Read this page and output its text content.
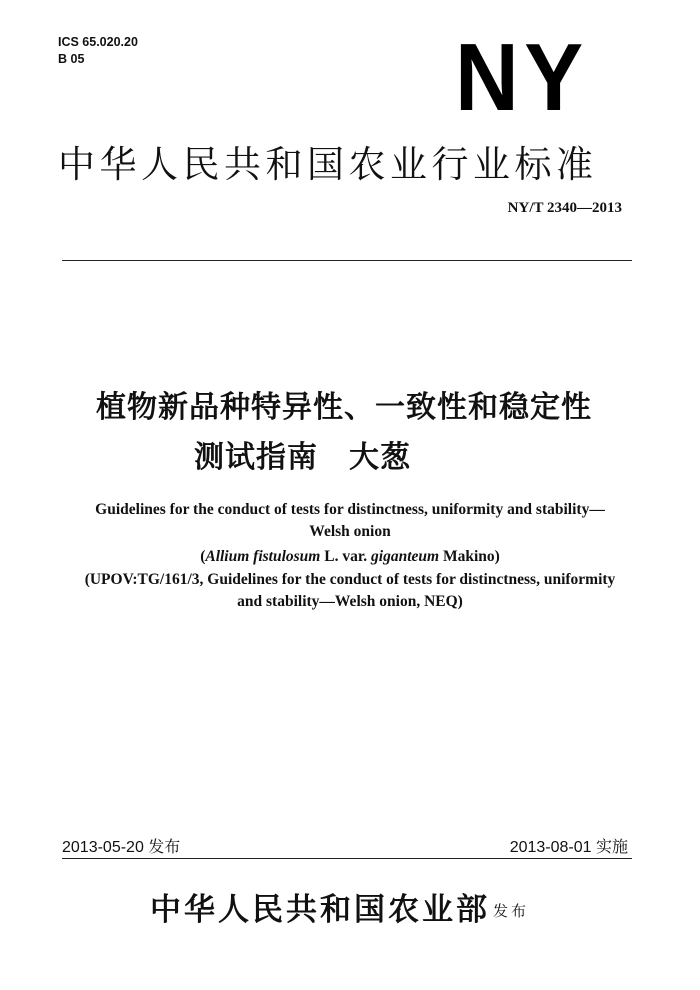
ICS 65.020.20
B 05	NY
中华人民共和国农业行业标准
NY/T 2340—2013
植物新品种特异性、一致性和稳定性
测试指南　大葱
Guidelines for the conduct of tests for distinctness, uniformity and stability—
Welsh onion
(Allium fistulosum L. var. giganteum Makino)
(UPOV:TG/161/3, Guidelines for the conduct of tests for distinctness, uniformity
and stability—Welsh onion, NEQ)
2013-05-20 发布	2013-08-01 实施
中华人民共和国农业部 发布
